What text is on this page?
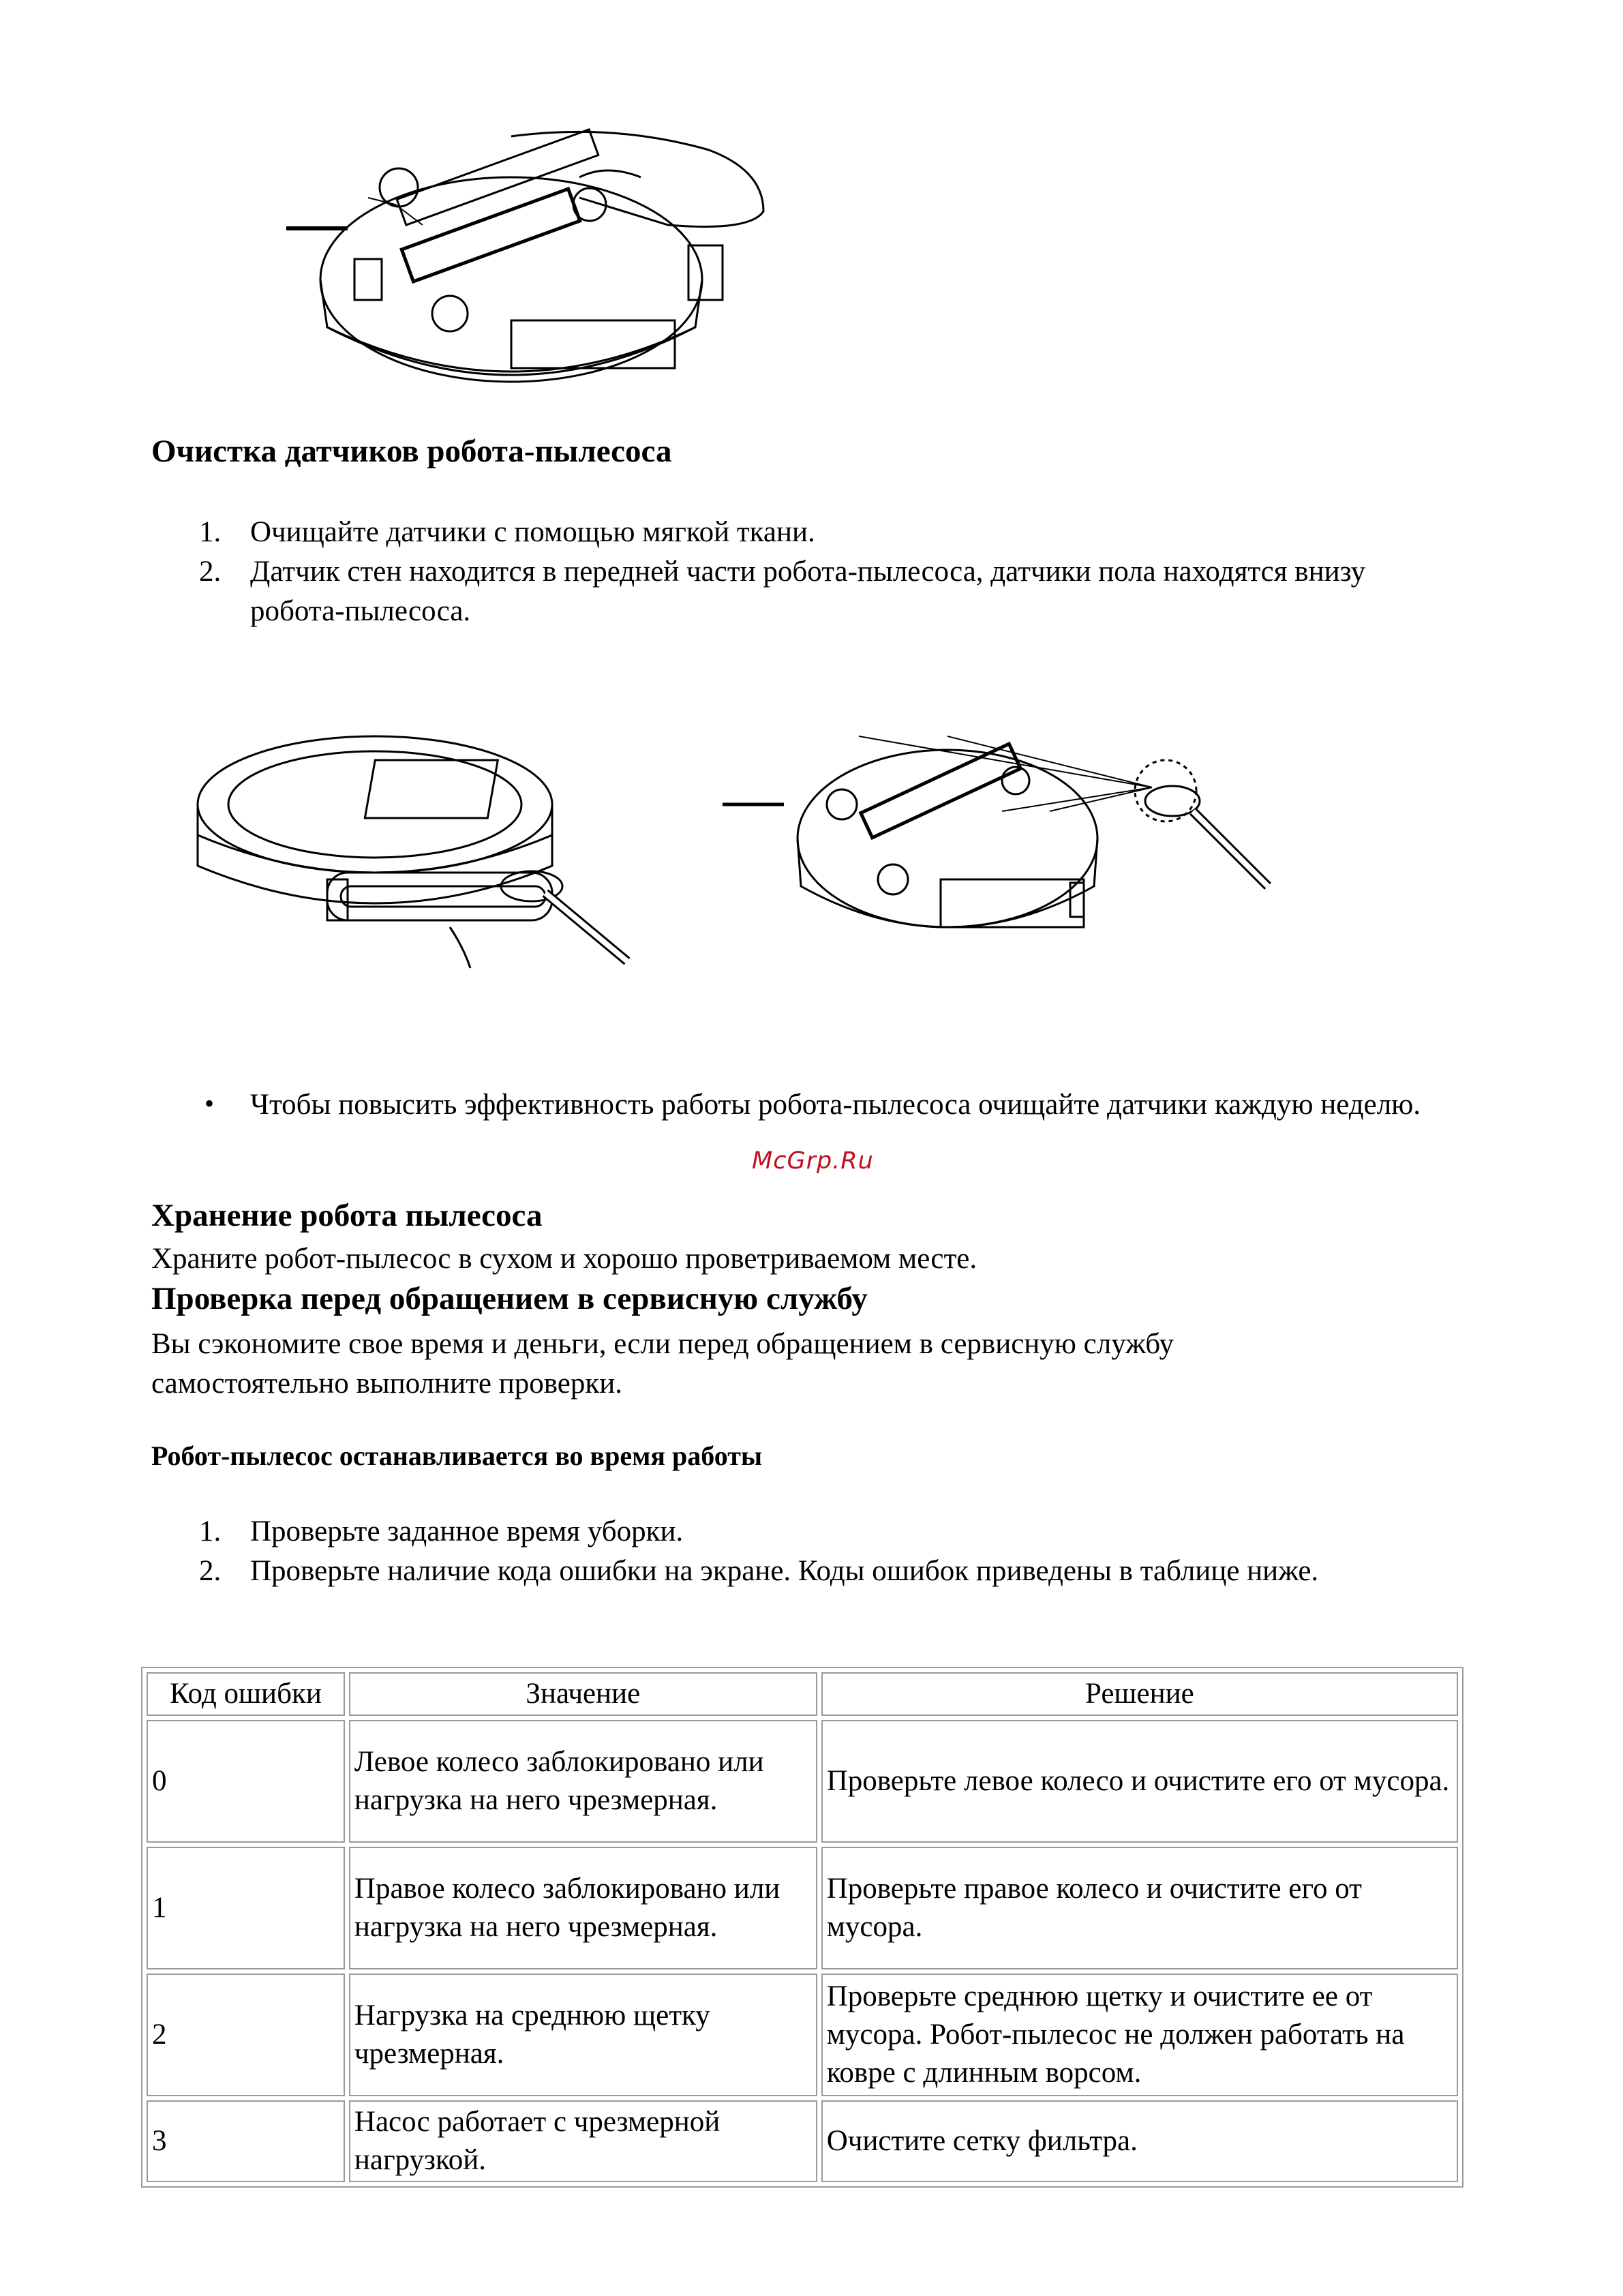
Очистка датчиков робота-пылесоса
1. Очищайте датчики с помощью мягкой ткани.
2. Датчик стен находится в передней части робота-пылесоса, датчики пола находятся внизу робота-пылесоса.
• Чтобы повысить эффективность работы робота-пылесоса очищайте датчики каждую неделю.
McGrp.Ru
Хранение робота пылесоса

Храните робот-пылесос в сухом и хорошо проветриваемом месте.

Проверка перед обращением в сервисную службу

Вы сэкономите свое время и деньги, если перед обращением в сервисную службу самостоятельно выполните проверки.

Робот-пылесос останавливается во время работы
1. Проверьте заданное время уборки.
2. Проверьте наличие кода ошибки на экране. Коды ошибок приведены в таблице ниже.
Код ошибки	Значение	Решение
0	Левое колесо заблокировано или нагрузка на него чрезмерная.	Проверьте левое колесо и очистите его от мусора.
1	Правое колесо заблокировано или нагрузка на него чрезмерная.	Проверьте правое колесо и очистите его от мусора.
2	Нагрузка на среднюю щетку чрезмерная.	Проверьте среднюю щетку и очистите ее от мусора. Робот-пылесос не должен работать на ковре с длинным ворсом.
3	Насос работает с чрезмерной нагрузкой.	Очистите сетку фильтра.
